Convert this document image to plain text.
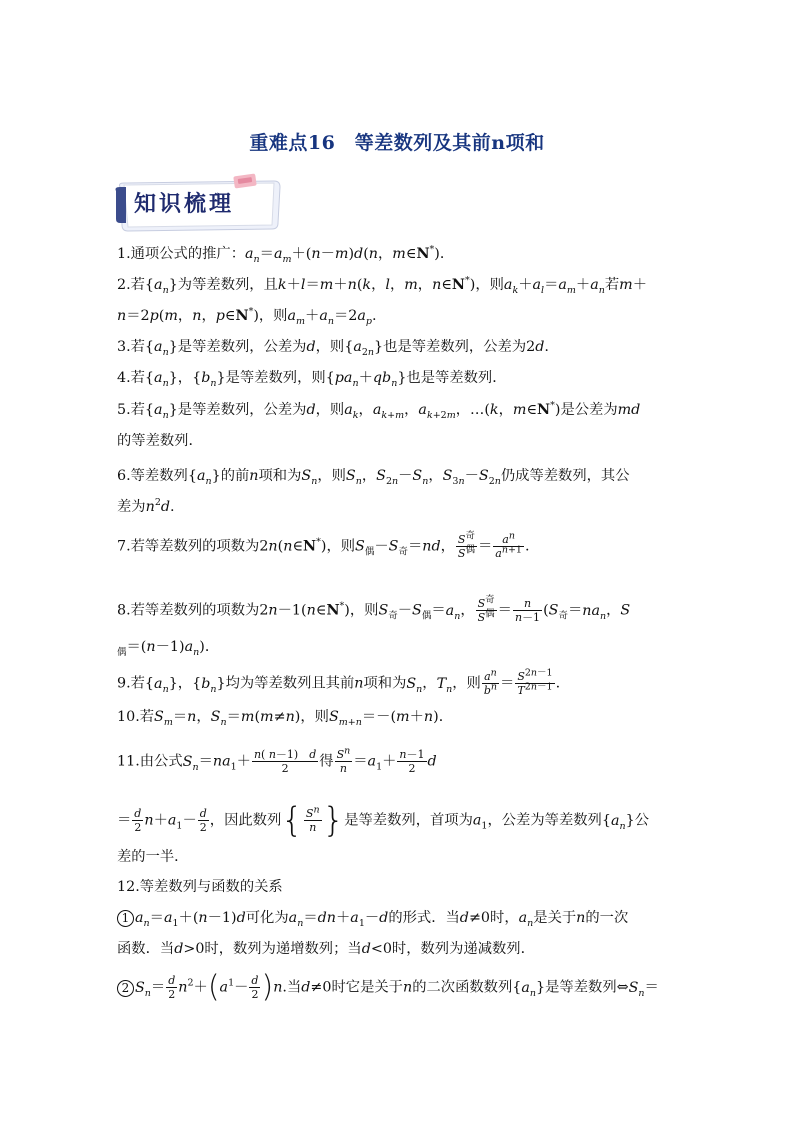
重难点16　等差数列及其前n项和
知识梳理
1.通项公式的推广：$a_n=a_m+(n-m)d(n$，m∈N*)．
2.若$\{a_n\}$为等差数列，且k＋l＝m＋n(k，l，m，n∈N*)，则$a_k+a_l=a_m+a_n$若m＋
n＝2p(m，n，p∈N*)，则$a_m+a_n=2a_p$.
3.若$\{a_n\}$是等差数列，公差为d，则$\{a_{2n}\}$也是等差数列，公差为2d.
4.若$\{a_n\}$，$\{b_n\}$是等差数列，则$\{pa_n+qb_n\}$也是等差数列．
5.若$\{a_n\}$是等差数列，公差为d，则$a_k$，$a_{k+m}$，$a_{k+2m}$，…(k，m∈N*)是公差为md
的等差数列．
6.等差数列$\{a_n\}$的前n项和为$S_n$，则$S_n$，$S_{2n}-S_n$，$S_{3n}-S_{2n}$仍成等差数列，其公
差为$n^2d$.
7.若等差数列的项数为2n(n∈N*)，则$S_偶-S_奇=nd$， $\frac{S^奇}{S^偶} = \frac{a^n}{a^{n+1}}$ .
8.若等差数列的项数为2n－1(n∈N*)，则$S_奇-S_偶=a_n$， $\frac{S^奇}{S^偶} = \frac{n}{n-1} (S_奇=na_n$，S
$_偶=(n-1)a_n$)．
9.若$\{a_n\}$，$\{b_n\}$均为等差数列且其前n项和为$S_n$，$T_n$，则 $\frac{a^n}{b^n} = \frac{S^{2n-1}}{T^{2n-1}}$ .
10.若$S_m=n$，$S_n=m(m\ne n)$，则$S_{m+n}=-(m+n)$．
11.由公式$S_n=na_1+ \frac{n( n-1) d}{2}$ 得 $\frac{S^n}{n} =a_1+ \frac{n-1}{2}$ d
＝ $\frac{d}{2} n+a_1- \frac{d}{2}$ ，因此数列{ $\frac{S^n}{n}$ }是等差数列，首项为$a_1$，公差为等差数列$\{a_n\}$公
差的一半．
12.等差数列与函数的关系
1 $a_n=a_1+(n-1)d$可化为$a_n=dn+a_1-d$的形式．当d≠0时，$a_n$是关于n的一次
函数．当d>0时，数列为递增数列；当d<0时，数列为递减数列．
2 $S_n= \frac{d}{2} n^2+(a^1- \frac{d}{2} )n$.当d≠0时它是关于n的二次函数数列$\{a_n\}$是等差数列$\Leftrightarrow S_n=$
